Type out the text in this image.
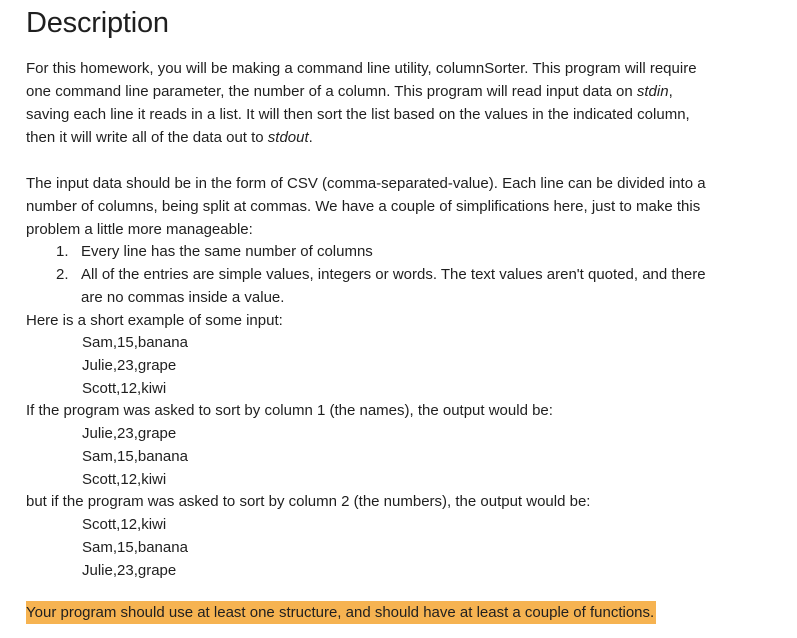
Description
For this homework, you will be making a command line utility, columnSorter. This program will require
one command line parameter, the number of a column. This program will read input data on stdin,
saving each line it reads in a list. It will then sort the list based on the values in the indicated column,
then it will write all of the data out to stdout.
The input data should be in the form of CSV (comma-separated-value). Each line can be divided into a
number of columns, being split at commas. We have a couple of simplifications here, just to make this
problem a little more manageable:
1. Every line has the same number of columns
2. All of the entries are simple values, integers or words. The text values aren't quoted, and there
are no commas inside a value.
Here is a short example of some input:
Sam,15,banana
Julie,23,grape
Scott,12,kiwi
If the program was asked to sort by column 1 (the names), the output would be:
Julie,23,grape
Sam,15,banana
Scott,12,kiwi
but if the program was asked to sort by column 2 (the numbers), the output would be:
Scott,12,kiwi
Sam,15,banana
Julie,23,grape
Your program should use at least one structure, and should have at least a couple of functions.
